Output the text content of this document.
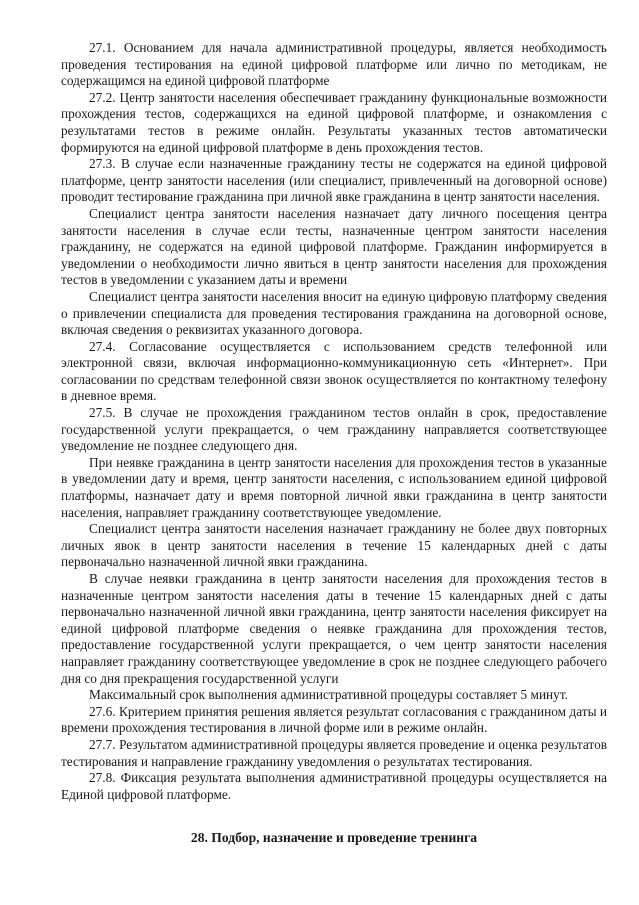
27.1. Основанием для начала административной процедуры, является необходимость проведения тестирования на единой цифровой платформе или лично по методикам, не содержащимся на единой цифровой платформе

27.2. Центр занятости населения обеспечивает гражданину функциональные возможности прохождения тестов, содержащихся на единой цифровой платформе, и ознакомления с результатами тестов в режиме онлайн. Результаты указанных тестов автоматически формируются на единой цифровой платформе в день прохождения тестов.

27.3. В случае если назначенные гражданину тесты не содержатся на единой цифровой платформе, центр занятости населения (или специалист, привлеченный на договорной основе) проводит тестирование гражданина при личной явке гражданина в центр занятости населения.

Специалист центра занятости населения назначает дату личного посещения центра занятости населения в случае если тесты, назначенные центром занятости населения гражданину, не содержатся на единой цифровой платформе. Гражданин информируется в уведомлении о необходимости лично явиться в центр занятости населения для прохождения тестов в уведомлении с указанием даты и времени

Специалист центра занятости населения вносит на единую цифровую платформу сведения о привлечении специалиста для проведения тестирования гражданина на договорной основе, включая сведения о реквизитах указанного договора.

27.4. Согласование осуществляется с использованием средств телефонной или электронной связи, включая информационно-коммуникационную сеть «Интернет». При согласовании по средствам телефонной связи звонок осуществляется по контактному телефону в дневное время.

27.5. В случае не прохождения гражданином тестов онлайн в срок, предоставление государственной услуги прекращается, о чем гражданину направляется соответствующее уведомление не позднее следующего дня.

При неявке гражданина в центр занятости населения для прохождения тестов в указанные в уведомлении дату и время, центр занятости населения, с использованием единой цифровой платформы, назначает дату и время повторной личной явки гражданина в центр занятости населения, направляет гражданину соответствующее уведомление.

Специалист центра занятости населения назначает гражданину не более двух повторных личных явок в центр занятости населения в течение 15 календарных дней с даты первоначально назначенной личной явки гражданина.

В случае неявки гражданина в центр занятости населения для прохождения тестов в назначенные центром занятости населения даты в течение 15 календарных дней с даты первоначально назначенной личной явки гражданина, центр занятости населения фиксирует на единой цифровой платформе сведения о неявке гражданина для прохождения тестов, предоставление государственной услуги прекращается, о чем центр занятости населения направляет гражданину соответствующее уведомление в срок не позднее следующего рабочего дня со дня прекращения государственной услуги

Максимальный срок выполнения административной процедуры составляет 5 минут.

27.6. Критерием принятия решения является результат согласования с гражданином даты и времени прохождения тестирования в личной форме или в режиме онлайн.

27.7. Результатом административной процедуры является проведение и оценка результатов тестирования и направление гражданину уведомления о результатах тестирования.

27.8. Фиксация результата выполнения административной процедуры осуществляется на Единой цифровой платформе.

28. Подбор, назначение и проведение тренинга
